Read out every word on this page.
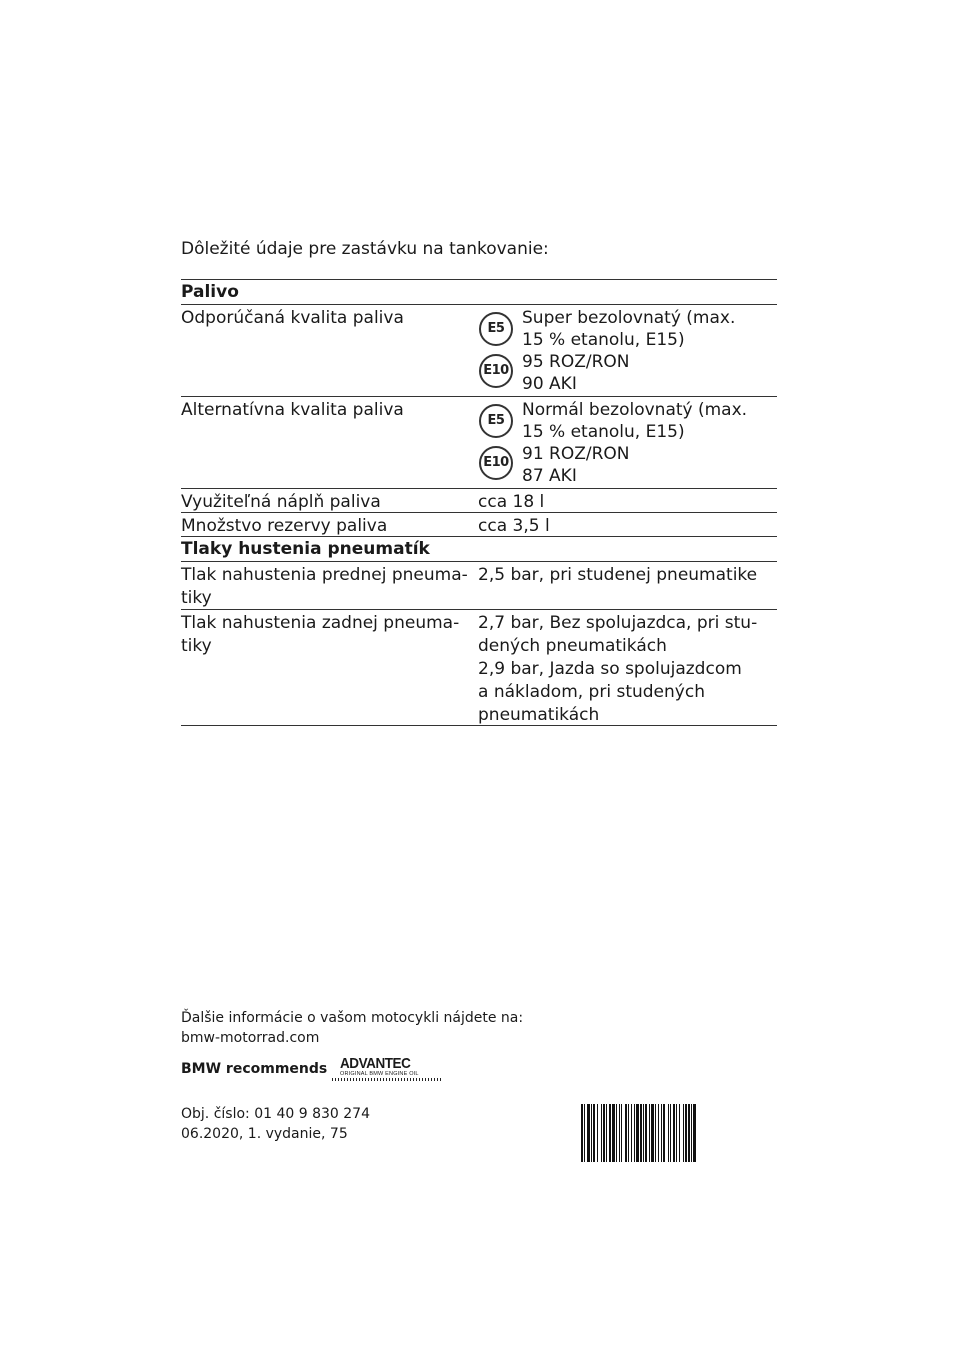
Dôležité údaje pre zastávku na tankovanie:
Palivo
Odporúčaná kvalita paliva
E5
E10
Super bezolovnatý (max.
15 % etanolu, E15)
95 ROZ/RON
90 AKI
Alternatívna kvalita paliva
E5
E10
Normál bezolovnatý (max.
15 % etanolu, E15)
91 ROZ/RON
87 AKI
Využiteľná náplň paliva	cca 18 l
Množstvo rezervy paliva	cca 3,5 l
Tlaky hustenia pneumatík
Tlak nahustenia prednej pneuma-
tiky
2,5 bar, pri studenej pneumatike
Tlak nahustenia zadnej pneuma-
tiky
2,7 bar, Bez spolujazdca, pri stu-
dených pneumatikách
2,9 bar, Jazda so spolujazdcom
a nákladom, pri studených
pneumatikách
Ďalšie informácie o vašom motocykli nájdete na:
bmw-motorrad.com
BMW recommends ADVANTEC
ORIGINAL BMW ENGINE OIL
Obj. číslo: 01 40 9 830 274
06.2020, 1. vydanie, 75
